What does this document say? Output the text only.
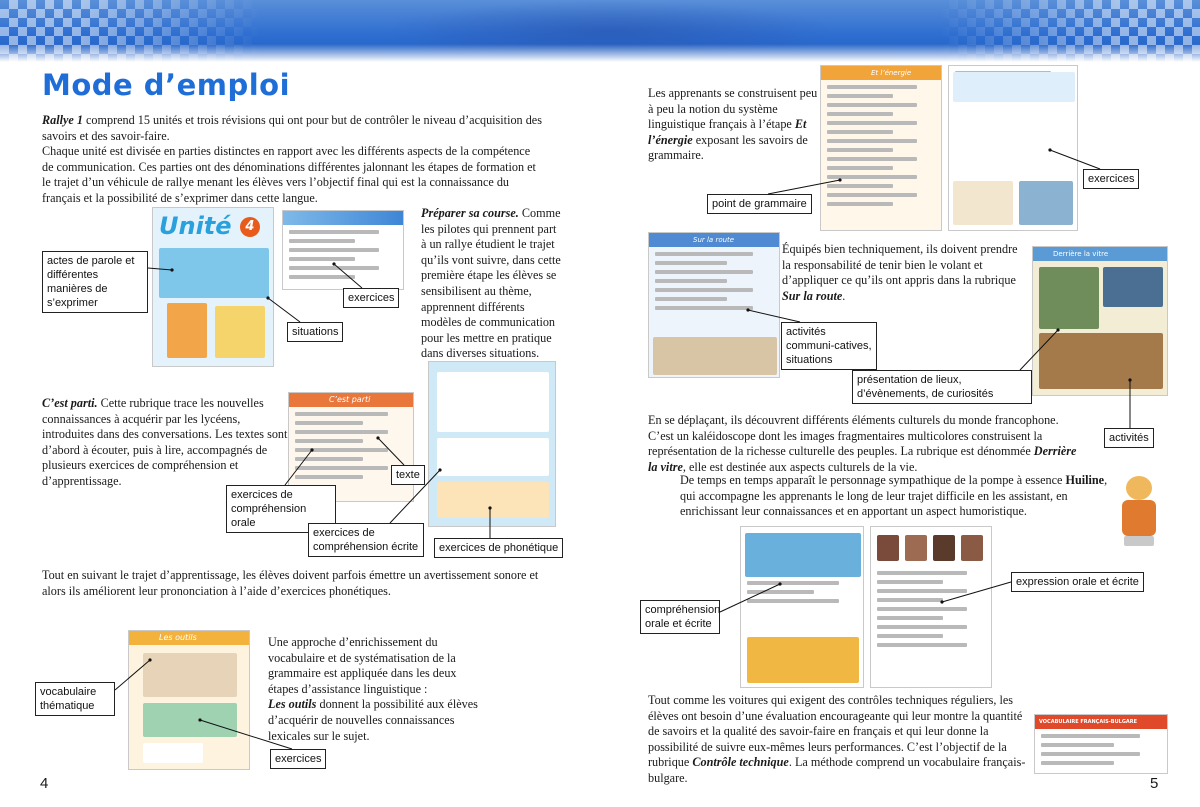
Mode d’emploi

Rallye 1 comprend 15 unités et trois révisions qui ont pour but de contrôler le niveau d’acquisition des savoirs et des savoir-faire.

Chaque unité est divisée en parties distinctes en rapport avec les différents aspects de la compétence de communication. Ces parties ont des dénominations différentes jalonnant les étapes de formation et le trajet d’un véhicule de rallye menant les élèves vers l’objectif final qui est la connaissance du français et la possibilité de s’exprimer dans cette langue.

Préparer sa course. Comme les pilotes qui prennent part à un rallye étudient le trajet qu’ils vont suivre, dans cette première étape les élèves se sensibilisent au thème, apprennent différents modèles de communication pour les mettre en pratique dans diverses situations.

C’est parti. Cette rubrique trace les nouvelles connaissances à acquérir par les lycéens, introduites dans des conversations. Les textes sont d’abord à écouter, puis à lire, accompagnés de plusieurs exercices de compréhension et d’apprentissage.

Tout en suivant le trajet d’apprentissage, les élèves doivent parfois émettre un avertissement sonore et alors ils améliorent leur prononciation à l’aide d’exercices phonétiques.

Une approche d’enrichissement du vocabulaire et de systématisation de la grammaire est appliquée dans les deux étapes d’assistance linguistique :

Les outils donnent la possibilité aux élèves d’acquérir de nouvelles connaissances lexicales sur le sujet.

Unité 4
C’est parti
Les outils
actes de parole et différentes manières de s’exprimer	exercices
situations
texte
exercices de compréhension orale
exercices de compréhension écrite	exercices de phonétique
vocabulaire thématique
exercices

Les apprenants se construisent peu à peu la notion du système linguistique français à l’étape Et l’énergie exposant les savoirs de grammaire.

Équipés bien techniquement, ils doivent prendre la responsabilité de tenir bien le volant et d’appliquer ce qu’ils ont appris dans la rubrique Sur la route.

En se déplaçant, ils découvrent différents éléments culturels du monde francophone. C’est un kaléidoscope dont les images fragmentaires multicolores construisent la représentation de la richesse culturelle des peuples. La rubrique est dénommée Derrière la vitre, elle est destinée aux aspects culturels de la vie.

De temps en temps apparaît le personnage sympathique de la pompe à essence Huiline, qui accompagne les apprenants le long de leur trajet difficile en les assistant, en enrichissant leur connaissances et en apportant un aspect humoristique.

Tout comme les voitures qui exigent des contrôles techniques réguliers, les élèves ont besoin d’une évaluation encourageante qui leur montre la quantité de savoirs et la qualité des savoir-faire en français et qui leur donne la possibilité de suivre eux-mêmes leurs performances. C’est l’objectif de la rubrique Contrôle technique. La méthode comprend un vocabulaire français-bulgare.

Et l’énergie
Sur la route
Derrière la vitre
VOCABULAIRE FRANÇAIS-BULGARE
point de grammaire
exercices
activités communi-catives, situations
présentation de lieux, d’évènements, de curiosités
activités
expression orale et écrite
compréhension orale et écrite
4	5
